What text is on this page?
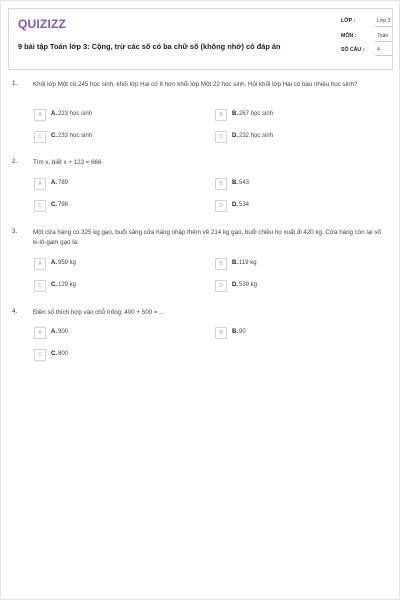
QUIZIZZ
9 bài tập Toán lớp 3: Cộng, trừ các số có ba chữ số (không nhớ) có đáp án
LỚP :	Lớp 3
MÔN :	Toán
SỐ CÂU : 4
1.	Khối lớp Một có 245 học sinh, khối lớp Hai có ít hơn khối lớp Một 22 học sinh. Hỏi khối lớp Hai có bao nhiêu học sinh?
A	A. 223 học sinh	B	B. 267 học sinh
C	C. 233 học sinh	D	D. 232 học sinh
2.	Tìm x, biết x + 123 = 666
A	A. 789	B	B. 543
C	C. 798	D	D. 534
3.	Một cửa hàng có 325 kg gạo, buổi sáng cửa hàng nhập thêm về 214 kg gạo, buổi chiều họ xuất đi 420 kg. Cửa hàng còn lại số ki-lô-gam gạo là:
A	A. 959 kg	B	B. 119 kg
C	C. 129 kg	D	D. 539 kg
4.	Điền số thích hợp vào chỗ trống: 400 + 500 = ...
A	A. 900	B	B. 90
C	C. 800
